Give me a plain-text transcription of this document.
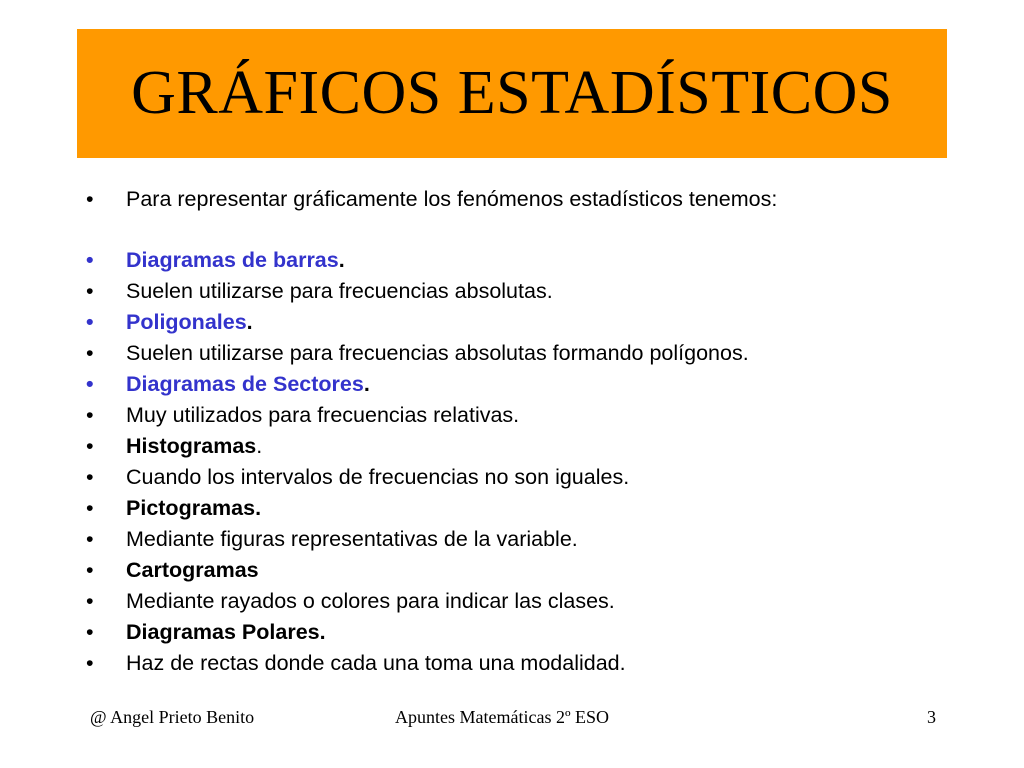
GRÁFICOS ESTADÍSTICOS
• Para representar gráficamente los fenómenos estadísticos tenemos:
• Diagramas de barras.
• Suelen utilizarse para frecuencias absolutas.
• Poligonales.
• Suelen utilizarse para frecuencias absolutas formando polígonos.
• Diagramas de Sectores.
• Muy utilizados para frecuencias relativas.
• Histogramas.
• Cuando los intervalos de frecuencias no son iguales.
• Pictogramas.
• Mediante figuras representativas de la variable.
• Cartogramas
• Mediante rayados o colores para indicar las clases.
• Diagramas Polares.
• Haz de rectas donde cada una toma una modalidad.
@ Angel Prieto Benito	Apuntes Matemáticas 2º ESO	3
